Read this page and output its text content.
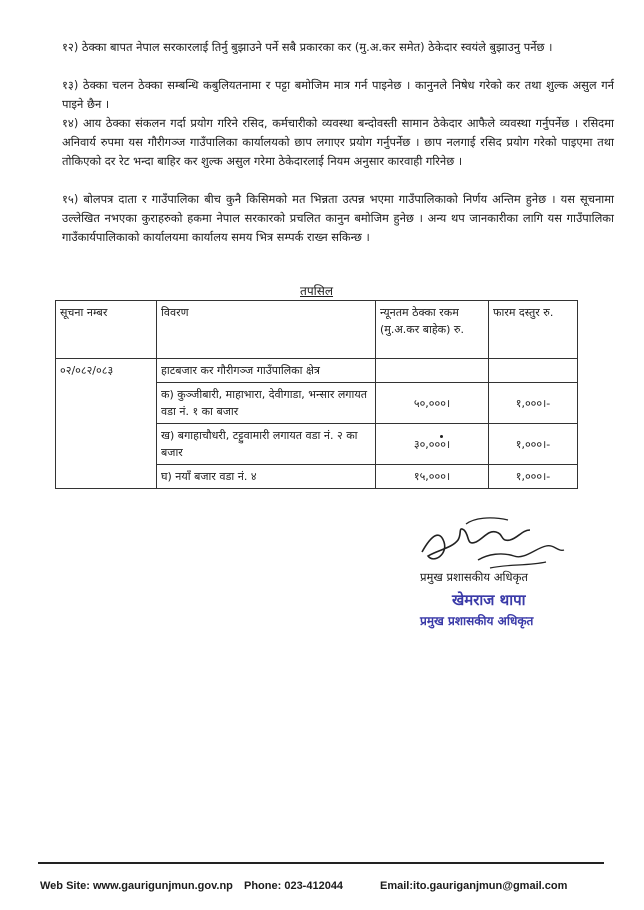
१२) ठेक्का बापत नेपाल सरकारलाई तिर्नु बुझाउने पर्ने सबै प्रकारका कर (मु.अ.कर समेत) ठेकेदार स्वयंले बुझाउनु पर्नेछ ।
१३) ठेक्का चलन ठेक्का सम्बन्धि कबुलियतनामा र पट्टा बमोजिम मात्र गर्न पाइनेछ । कानुनले निषेध गरेको कर तथा शुल्क असुल गर्न पाइने छैन ।
१४) आय ठेक्का संकलन गर्दा प्रयोग गरिने रसिद, कर्मचारीको व्यवस्था बन्दोवस्ती सामान ठेकेदार आफैले व्यवस्था गर्नुपर्नेछ । रसिदमा अनिवार्य रुपमा यस गौरीगञ्ज गाउँपालिका कार्यालयको छाप लगाएर प्रयोग गर्नुपर्नेछ । छाप नलगाई रसिद प्रयोग गरेको पाइएमा तथा तोकिएको दर रेट भन्दा बाहिर कर शुल्क असुल गरेमा ठेकेदारलाई नियम अनुसार कारवाही गरिनेछ ।
१५) बोलपत्र दाता र गाउँपालिका बीच कुनै किसिमको मत भिन्नता उत्पन्न भएमा गाउँपालिकाको निर्णय अन्तिम हुनेछ । यस सूचनामा उल्लेखित नभएका कुराहरुको हकमा नेपाल सरकारको प्रचलित कानुन बमोजिम हुनेछ । अन्य थप जानकारीका लागि यस गाउँपालिका गाउँकार्यपालिकाको कार्यालयमा कार्यालय समय भित्र सम्पर्क राख्न सकिन्छ ।
तपसिल
सूचना नम्बर	विवरण	न्यूनतम ठेक्का रकम (मु.अ.कर बाहेक) रु.	फारम दस्तुर रु.
०२/०८२/०८३	हाटबजार कर गौरीगञ्ज गाउँपालिका क्षेत्र		
	क) कुञ्जीबारी, माहाभारा, देवीगाडा, भन्सार लगायत वडा नं. १ का बजार	५०,०००।	१,०००।-
	ख) बगाहाचौधरी, टट्टुवामारी लगायत वडा नं. २ का बजार	३०,०००।	१,०००।-
	घ) नयाँ बजार वडा नं. ४	१५,०००।	१,०००।-
प्रमुख प्रशासकीय अधिकृत
खेमराज थापा
प्रमुख प्रशासकीय अधिकृत
Web Site: www.gaurigunjmun.gov.np Phone: 023-412044	Email:ito.gauriganjmun@gmail.com
